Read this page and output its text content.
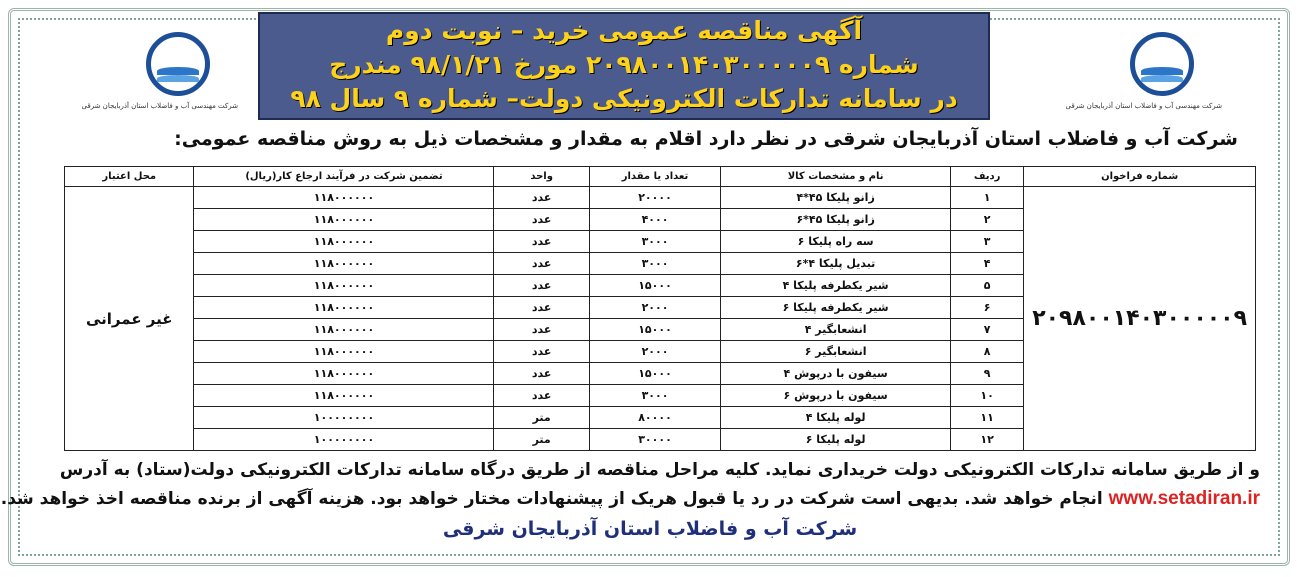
شرکت مهندسی آب و فاضلاب استان آذربایجان شرقی	شرکت مهندسی آب و فاضلاب استان آذربایجان شرقی
آگهی مناقصه عمومی خرید – نوبت دوم
شماره ۲۰۹۸۰۰۱۴۰۳۰۰۰۰۰۹ مورخ ۹۸/۱/۲۱ مندرج
در سامانه تدارکات الکترونیکی دولت– شماره ۹ سال ۹۸
شرکت آب و فاضلاب استان آذربایجان شرقی در نظر دارد اقلام به مقدار و مشخصات ذیل به روش مناقصه عمومی:
شماره فراخوان	ردیف	نام و مشخصات کالا	تعداد یا مقدار	واحد	تضمین شرکت در فرآیند ارجاع کار(ریال)	محل اعتبار
۲۰۹۸۰۰۱۴۰۳۰۰۰۰۰۹	۱	زانو پلیکا ۴۵*۴	۲۰۰۰۰	عدد	۱۱۸۰۰۰۰۰۰	غیر عمرانی
	۲	زانو پلیکا ۴۵*۶	۴۰۰۰	عدد	۱۱۸۰۰۰۰۰۰	
	۳	سه راه پلیکا ۶	۳۰۰۰	عدد	۱۱۸۰۰۰۰۰۰	
	۴	تبدیل پلیکا ۴*۶	۳۰۰۰	عدد	۱۱۸۰۰۰۰۰۰	
	۵	شیر یکطرفه پلیکا ۴	۱۵۰۰۰	عدد	۱۱۸۰۰۰۰۰۰	
	۶	شیر یکطرفه پلیکا ۶	۲۰۰۰	عدد	۱۱۸۰۰۰۰۰۰	
	۷	انشعابگیر ۴	۱۵۰۰۰	عدد	۱۱۸۰۰۰۰۰۰	
	۸	انشعابگیر ۶	۲۰۰۰	عدد	۱۱۸۰۰۰۰۰۰	
	۹	سیفون با درپوش ۴	۱۵۰۰۰	عدد	۱۱۸۰۰۰۰۰۰	
	۱۰	سیفون با درپوش ۶	۳۰۰۰	عدد	۱۱۸۰۰۰۰۰۰	
	۱۱	لوله پلیکا ۴	۸۰۰۰۰	متر	۱۰۰۰۰۰۰۰۰	
	۱۲	لوله پلیکا ۶	۳۰۰۰۰	متر	۱۰۰۰۰۰۰۰۰	
و از طریق سامانه تدارکات الکترونیکی دولت خریداری نماید. کلیه مراحل مناقصه از طریق درگاه سامانه تدارکات الکترونیکی دولت(ستاد) به آدرس
www.setadiran.ir انجام خواهد شد. بدیهی است شرکت در رد یا قبول هریک از پیشنهادات مختار خواهد بود. هزینه آگهی از برنده مناقصه اخذ خواهد شد.
شرکت آب و فاضلاب استان آذربایجان شرقی
